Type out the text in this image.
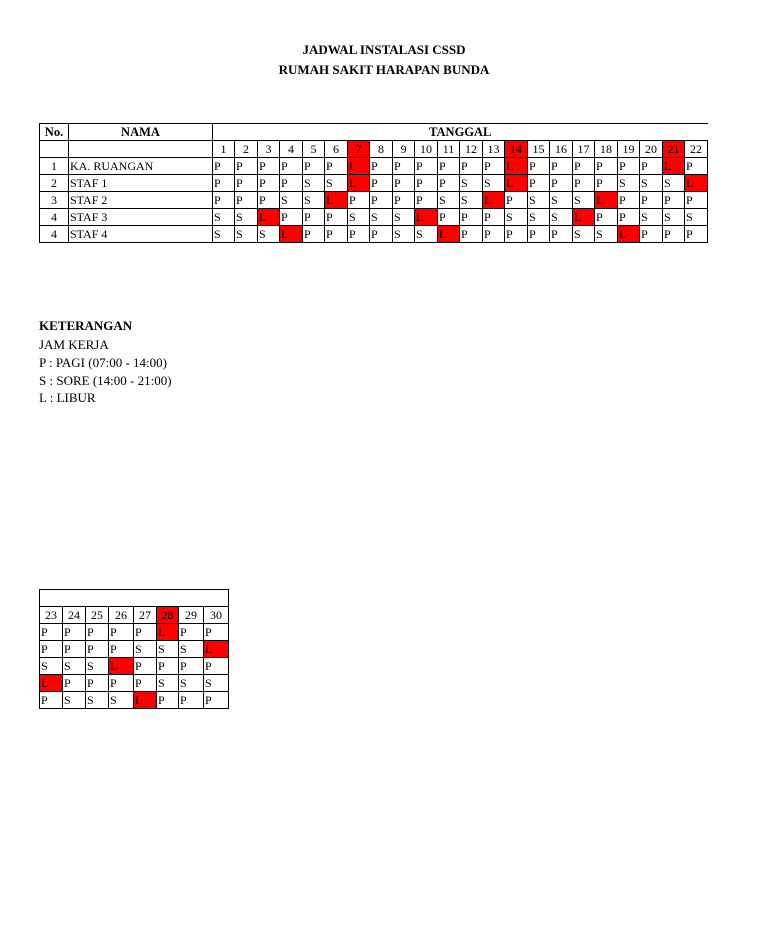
JADWAL INSTALASI CSSD
RUMAH SAKIT HARAPAN BUNDA
No.	NAMA	TANGGAL																					
		1	2	3	4	5	6	7	8	9	10	11	12	13	14	15	16	17	18	19	20	21	22
1	KA. RUANGAN	P	P	P	P	P	P	L	P	P	P	P	P	P	L	P	P	P	P	P	P	L	P
2	STAF 1	P	P	P	P	S	S	L	P	P	P	P	S	S	L	P	P	P	P	S	S	S	L
3	STAF 2	P	P	P	S	S	L	P	P	P	P	S	S	L	P	S	S	S	L	P	P	P	P
4	STAF 3	S	S	L	P	P	P	S	S	S	L	P	P	P	S	S	S	L	P	P	S	S	S
4	STAF 4	S	S	S	L	P	P	P	P	S	S	L	P	P	P	P	P	S	S	L	P	P	P
KETERANGAN
JAM KERJA
P : PAGI (07:00 - 14:00)
S : SORE (14:00 - 21:00)
L : LIBUR

23	24	25	26	27	28	29	30
P	P	P	P	P	L	P	P
P	P	P	P	S	S	S	L
S	S	S	L	P	P	P	P
L	P	P	P	P	S	S	S
P	S	S	S	L	P	P	P
